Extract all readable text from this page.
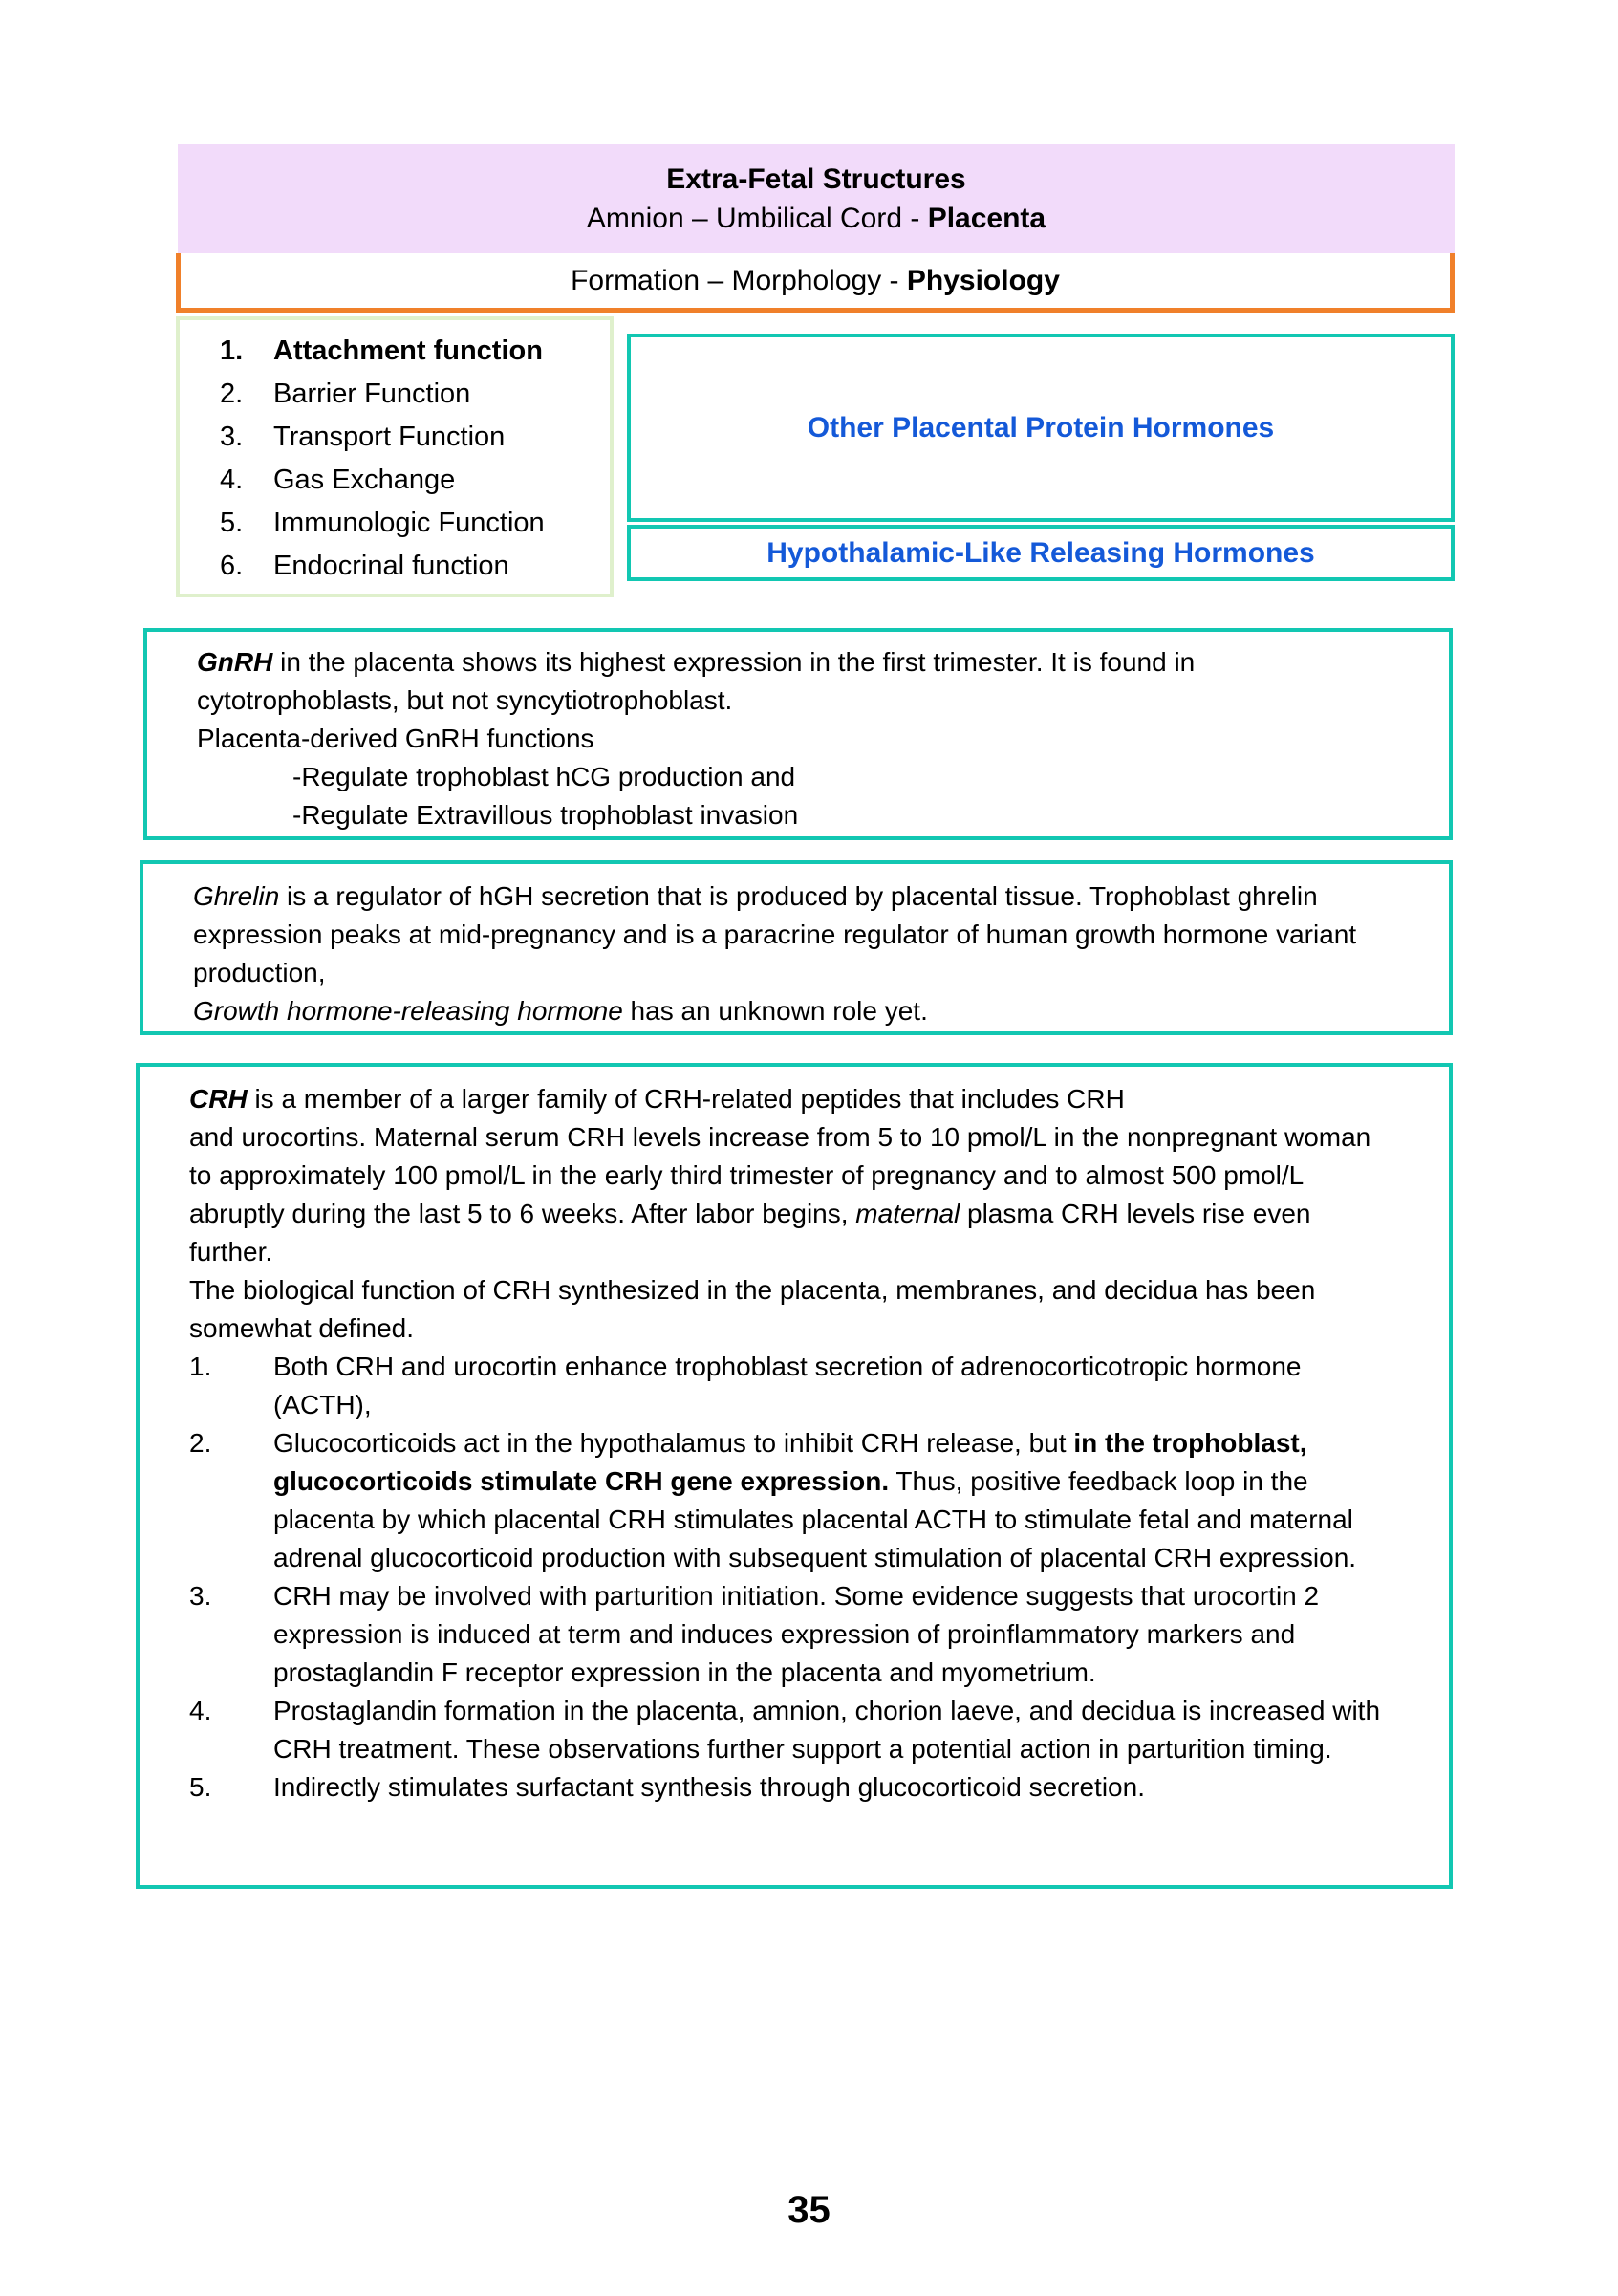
Extra-Fetal Structures
Amnion – Umbilical Cord - Placenta
Formation – Morphology - Physiology
1.	Attachment function
2.	Barrier Function
3.	Transport Function
4.	Gas Exchange
5.	Immunologic Function
6.	Endocrinal function
Other Placental Protein Hormones
Hypothalamic-Like Releasing Hormones

GnRH in the placenta shows its highest expression in the first trimester. It is found in cytotrophoblasts, but not syncytiotrophoblast.

Placenta-derived GnRH functions

-Regulate trophoblast hCG production and

-Regulate Extravillous trophoblast invasion

Ghrelin is a regulator of hGH secretion that is produced by placental tissue. Trophoblast ghrelin expression peaks at mid-pregnancy and is a paracrine regulator of human growth hormone variant production,

Growth hormone-releasing hormone has an unknown role yet.

CRH is a member of a larger family of CRH-related peptides that includes CRH

and urocortins. Maternal serum CRH levels increase from 5 to 10 pmol/L in the nonpregnant woman to approximately 100 pmol/L in the early third trimester of pregnancy and to almost 500 pmol/L abruptly during the last 5 to 6 weeks. After labor begins, maternal plasma CRH levels rise even further.

The biological function of CRH synthesized in the placenta, membranes, and decidua has been somewhat defined.

1.	Both CRH and urocortin enhance trophoblast secretion of adrenocorticotropic hormone (ACTH),
2.	Glucocorticoids act in the hypothalamus to inhibit CRH release, but in the trophoblast, glucocorticoids stimulate CRH gene expression. Thus, positive feedback loop in the placenta by which placental CRH stimulates placental ACTH to stimulate fetal and maternal adrenal glucocorticoid production with subsequent stimulation of placental CRH expression.
3.	CRH may be involved with parturition initiation. Some evidence suggests that urocortin 2 expression is induced at term and induces expression of proinflammatory markers and prostaglandin F receptor expression in the placenta and myometrium.
4.	Prostaglandin formation in the placenta, amnion, chorion laeve, and decidua is increased with CRH treatment. These observations further support a potential action in parturition timing.
5.	Indirectly stimulates surfactant synthesis through glucocorticoid secretion.
35
